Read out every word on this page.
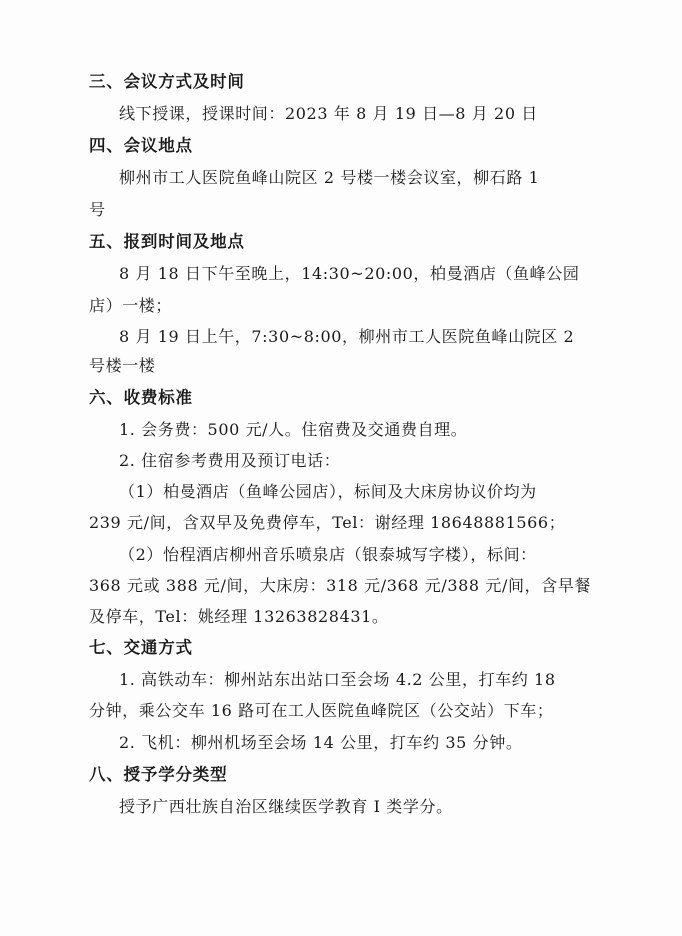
三、会议方式及时间
线下授课，授课时间：2023 年 8 月 19 日—8 月 20 日
四、会议地点
柳州市工人医院鱼峰山院区 2 号楼一楼会议室，柳石路 1
号
五、报到时间及地点
8 月 18 日下午至晚上，14:30~20:00，柏曼酒店（鱼峰公园
店）一楼；
8 月 19 日上午，7:30~8:00，柳州市工人医院鱼峰山院区 2
号楼一楼
六、收费标准
1. 会务费：500 元/人。住宿费及交通费自理。
2. 住宿参考费用及预订电话：
（1）柏曼酒店（鱼峰公园店），标间及大床房协议价均为
239 元/间，含双早及免费停车，Tel：谢经理 18648881566；
（2）怡程酒店柳州音乐喷泉店（银泰城写字楼），标间：
368 元或 388 元/间，大床房：318 元/368 元/388 元/间，含早餐
及停车，Tel：姚经理 13263828431。
七、交通方式
1. 高铁动车：柳州站东出站口至会场 4.2 公里，打车约 18
分钟，乘公交车 16 路可在工人医院鱼峰院区（公交站）下车；
2. 飞机：柳州机场至会场 14 公里，打车约 35 分钟。
八、授予学分类型
授予广西壮族自治区继续医学教育 I 类学分。
